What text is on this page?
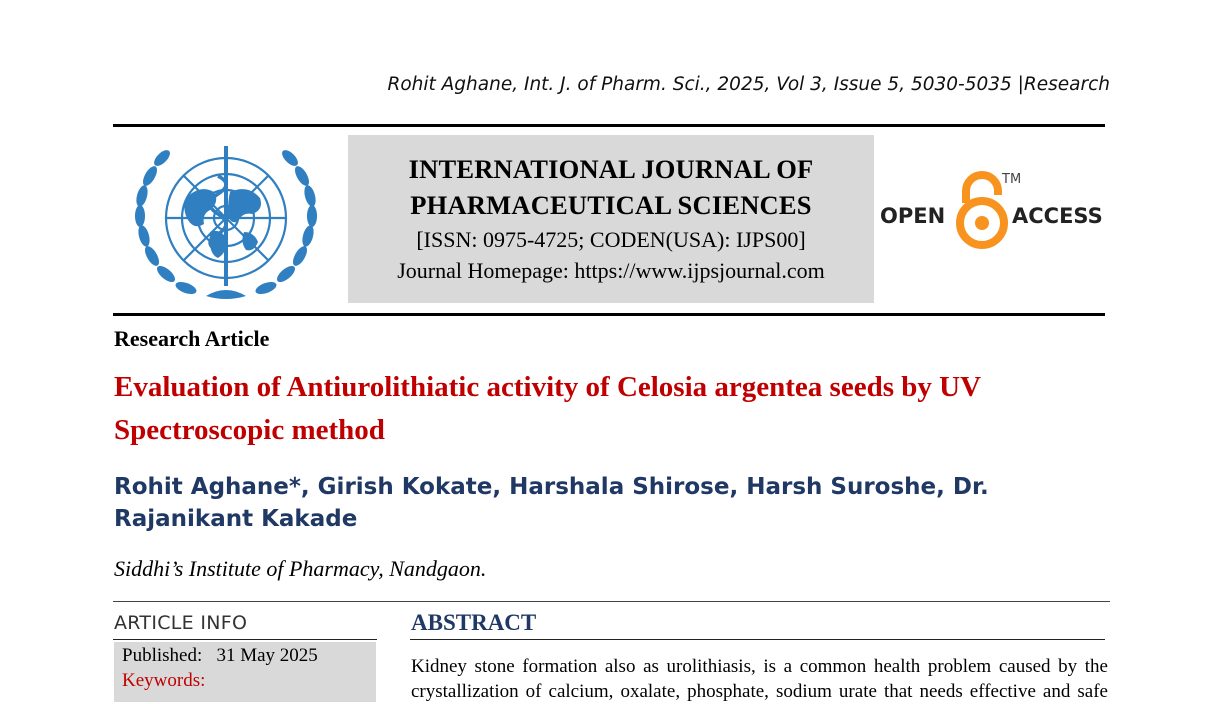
Rohit Aghane, Int. J. of Pharm. Sci., 2025, Vol 3, Issue 5, 5030-5035 |Research
INTERNATIONAL JOURNAL OF
PHARMACEUTICAL SCIENCES
[ISSN: 0975-4725; CODEN(USA): IJPS00]
Journal Homepage: https://www.ijpsjournal.com
OPEN	ACCESS
TM
Research Article
Evaluation of Antiurolithiatic activity of Celosia argentea seeds by UV Spectroscopic method
Rohit Aghane*, Girish Kokate, Harshala Shirose, Harsh Suroshe, Dr. Rajanikant Kakade
Siddhi’s Institute of Pharmacy, Nandgaon.
ARTICLE INFO
Published: 31 May 2025
Keywords:
ABSTRACT
Kidney stone formation also as urolithiasis, is a common health problem caused by the crystallization of calcium, oxalate, phosphate, sodium urate that needs effective and safe
